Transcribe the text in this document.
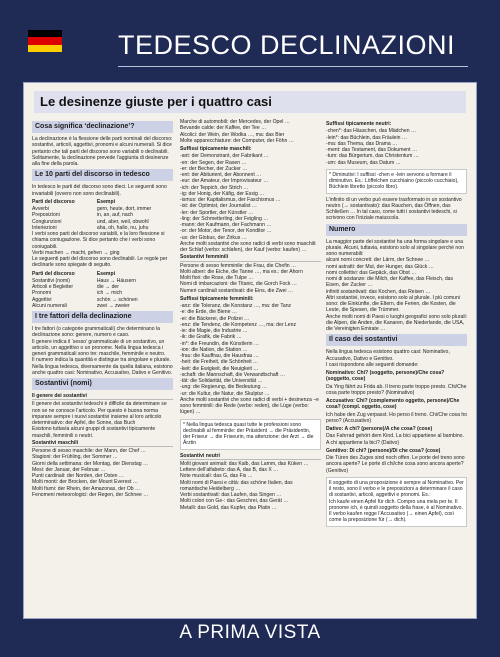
TEDESCO DECLINAZIONI
Le desinenze giuste per i quattro casi
Cosa significa ‘declinazione’?
La declinazione è la flessione delle parti nominali del discorso: sostantivi, articoli, aggettivi, pronomi e alcuni numerali. Si dice pertanto che tali parti del discorso sono variabili o declinabili. Solitamente, la declinazione prevede l’aggiunta di desinenze alla fine della parola.
Le 10 parti del discorso in tedesco
In tedesco le parti del discorso sono dieci. Le seguenti sono invariabili (ovvero non sono declinabili).
Parti del discorso	Esempi
Avverbi	gern, heute, dort, immer
Preposizioni	in, an, auf, nach
Congiunzioni	und, aber, weil, obwohl
Interiezioni	aha, oh, hallo, nu, juhu
I verbi sono parti del discorso variabili, e la loro flessione si chiama coniugazione. Si dice pertanto che i verbi sono coniugabili.
Verbi machen → macht, gehen → ging
Le seguenti parti del discorso sono declinabili. Le regole per declinarle sono spiegate di seguito.
Parti del discorso	Esempi
Sostantivi (nomi)	Haus → Häusern
Articoli e Begleiter	die → der
Pronomi	ich → mich
Aggettivi	schön → schönen
Alcuni numerali	zwei → zweier
I tre fattori della declinazione
I tre fattori (o categorie grammaticali) che determinano la declinazione sono: genere, numero e caso.
Il genere indica il ‘sesso’ grammaticale di un sostantivo, un articolo, un aggettivo o un pronome. Nella lingua tedesca i generi grammaticali sono tre: maschile, femminile e neutro.
Il numero indica la quantità e distingue tra singolare e plurale.
Nella lingua tedesca, diversamente da quella italiana, esistono anche quattro casi: Nominativo, Accusativo, Dativo e Genitivo.
Sostantivi (nomi)
Il genere dei sostantivi
Il genere dei sostantivi tedeschi è difficile da determinare se non se ne conosce l’articolo. Per questo è buona norma imparare sempre i nuovi sostantivi insieme al loro articolo determinativo: der Apfel, die Sonne, das Buch
Esistono tuttavia alcuni gruppi di sostantivi tipicamente maschili, femminili o neutri.
Sostantivi maschili
Persone di sesso maschile: der Mann, der Chef …
Stagioni: der Frühling, der Sommer …
Giorni della settimana: der Montag, der Dienstag …
Mesi: der Januar, der Februar …
Punti cardinali: der Norden, der Osten …
Molti monti: der Brocken, der Mount Everest …
Molti fiumi: der Rhein, der Amazonas, der Ob …
Fenomeni meteorologici: der Regen, der Schnee …
Marche di automobili: der Mercedes, der Opel …
Bevande calde: der Kaffee, der Tee …
Alcolici: der Wein, der Wodka …, ma: das Bier
Molte apparecchiature: der Computer, der Föhn …
Suffissi tipicamente maschili:
-ant: der Demonstrant, der Fabrikant …
-en: der Segen, der Rasen …
-er: der Becher, der Zucker …
-ent: der Abiturient, der Abonnent …
-eur: der Amateur, der Improvisateur …
-ich: der Teppich, der Strich …
-ig: der Honig, der Käfig, der Essig …
-ismus: der Kapitalismus, der Faschismus …
-ist: der Optimist, der Journalist …
-ler: der Sportler, der Künstler …
-ling: der Schmetterling, der Feigling …
-mann: der Kaufmann, der Fachmann …
-or: der Motor, der Tenor, der Konditor …
-us: der Globus, der Zirkus …
Anche molti sostantivi che sono radici di verbi sono maschili: der Schlaf (verbo: schlafen), der Kauf (verbo: kaufen) …
Sostantivi femminili
Persone di sesso femminile: die Frau, die Chefin …
Molti alberi: die Eiche, die Tanne …, ma es.: der Ahorn
Molti fiori: die Rose, die Tulpe …
Nomi di imbarcazioni: die Titanic, die Gorch Fock …
Numeri cardinali sostantivati: die Eins, die Zwei …
Suffissi tipicamente femminili:
-anz: die Toleranz, die Konstanz …, ma: der Tanz
-e: die Erde, die Biene …
-ei: die Bäckerei, die Polizei …
-enz: die Tendenz, die Kompetenz …, ma: der Lenz
-ie: die Magie, die Industrie …
-ik: die Grafik, die Fabrik …
-in*: die Freundin, die Künstlerin …
-ion: die Nation, die Station …
-frau: die Kauffrau, die Hausfrau …
-heit: die Freiheit, die Schönheit …
-keit: die Ewigkeit, die Neuigkeit …
-schaft: die Mannschaft, die Verwandtschaft …
-tät: die Solidarität, die Universität …
-ung: die Regierung, die Bedeutung …
-ur: die Kultur, die Natur, die Skulptur …
Anche molti sostantivi che sono radici di verbi + desinenza –e sono femminili: die Rede (verbo: reden), die Lüge (verbo: lügen) …
* Nella lingua tedesca quasi tutte le professioni sono declinabili al femminile: der Präsident → die Präsidentin, der Friseur → die Friseurin, ma attenzione: der Arzt → die Ärztin
Sostantivi neutri
Molti giovani animali: das Kalb, das Lamm, das Küken …
Lettere dell’alfabeto: das A, das B, das X …
Note musicali: das G, das Fis …
Molti nomi di Paesi e città: das schöne Italien, das romantische Heidelberg …
Verbi sostantivati: das Laufen, das Singen …
Molti colori con Ge-: das Geschrei, das Gerät …
Metalli: das Gold, das Kupfer, das Platin …
Suffissi tipicamente neutri:
-chen*: das Häuschen, das Mädchen …
-lein*: das Büchlein, das Fräulein …
-ma: das Thema, das Drama …
-ment: das Testament, das Dokument …
-tum: das Bürgertum, das Christentum …
-um: das Museum, das Datum …
* Diminutivi: I suffissi -chen e -lein servono a formare il diminutivo. Es.: Löffelchen cucchiaino (piccolo cucchiaio), Büchlein libretto (piccolo libro).
L’infinito di un verbo può essere trasformato in un sostantivo neutro (→ sostantivato): das Rauchen, das Öffnen, das Schließen … In tal caso, come tutti i sostantivi tedeschi, si scrivono con l’iniziale maiuscola.
Numero
La maggior parte dei sostantivi ha una forma singolare e una plurale. Alcuni, tuttavia, esistono solo al singolare perché non sono numerabili:
alcuni nomi concreti: der Lärm, der Schnee …
nomi astratti: der Mut, der Hunger, das Glück …
nomi collettivi: das Gepäck, das Obst …
nomi di sostanze: die Milch, der Kaffee, das Fleisch, das Eisen, der Zucker …
infiniti sostantivati: das Kochen, das Reisen …
Altri sostantivi, invece, esistono solo al plurale. I più comuni sono: die Einkünfte, die Eltern, die Ferien, die Kosten, die Leute, die Spesen, die Trümmer.
Anche molti nomi di Paesi o luoghi geografici sono solo plurali: die Alpen, die Anden, die Kanaren, die Niederlande, die USA, die Vereinigten Emirate …
Il caso dei sostantivi
Nella lingua tedesca esistono quattro casi: Nominativo, Accusativo, Dativo e Genitivo.
I casi rispondono alle seguenti domande:
Nominativo: Chi? (soggetto, persone)/Che cosa? (soggetto, cose)
Da Ying fährt zu Frida ab. Il treno parte troppo presto. Chi/Che cosa parte troppo presto? (Nominativo)
Accusativo: Chi? (complemento oggetto, persone)/Che cosa? (compl. oggetto, cose)
Ich habe den Zug verpasst. Ho perso il treno. Chi/Che cosa ho perso? (Accusativo)
Dativo: A chi? (persone)/A che cosa? (cose)
Das Fahrrad gehört dem Kind. La bici appartiene al bambino. A chi appartiene la bici? (Dativo)
Genitivo: Di chi? (persone)/Di che cosa? (cose)
Die Türen des Zuges sind noch offen. Le porte del treno sono ancora aperte? Le porte di chi/che cosa sono ancora aperte? (Genitivo)
Il soggetto di una proposizione è sempre al Nominativo. Per il resto, sono il verbo e le preposizioni a determinare il caso di sostantivi, articoli, aggettivi e pronomi. Es.:
Ich kaufe einen Apfel für dich. Compro una mela per te. Il pronome ich, è quindi soggetto della frase, è al Nominativo. Il verbo kaufen regge l’Accusativo (→ einen Apfel), così come la preposizione für (→ dich).
A PRIMA VISTA
